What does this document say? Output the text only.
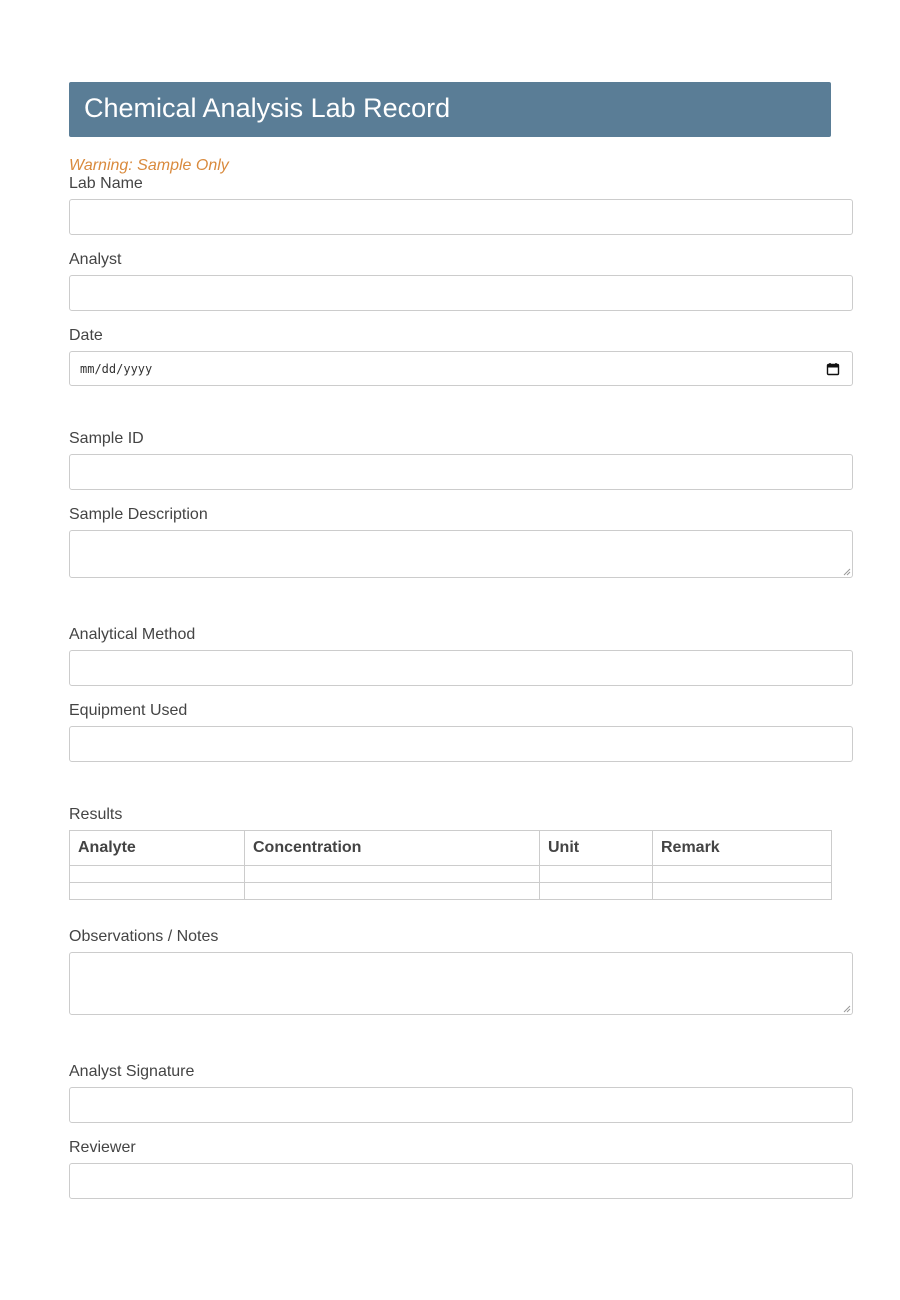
Chemical Analysis Lab Record
Warning: Sample Only
Lab Name
Analyst
Date
mm/dd/yyyy
Sample ID
Sample Description
Analytical Method
Equipment Used
Results
Analyte	Concentration	Unit	Remark

Observations / Notes
Analyst Signature
Reviewer
